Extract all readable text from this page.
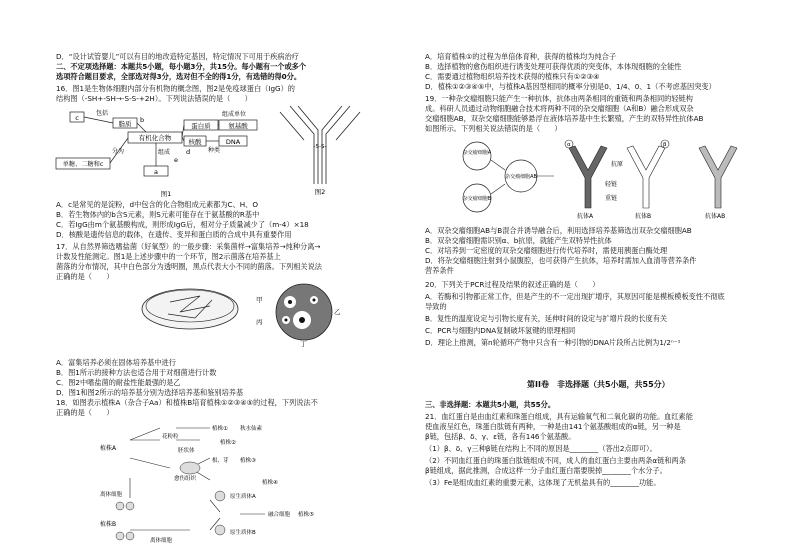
D．“设计试管婴儿”可以有目的地改造特定基因，特定情况下可用于疾病治疗
二、不定项选择题：本题共5小题，每小题3分，共15分。每小题有一个或多个
选项符合题目要求，全部选对得3分，选对但不全的得1分，有选错的得0分。
16．图1是生物体细胞内部分有机物的概念图，图2是免疫球蛋白（IgG）的
结构图（-SH+-SH→-S-S-+2H）。下列说法错误的是（　　）
c
包括
脂质
有机化合物
蛋白质	氨基酸
组成单位
核酸	DNA
种类
单糖、二糖和c
分为
a
组成
b
d
e
图1
-S-S-
图2
A．c是常见的是淀粉，d中包含的化合物组成元素都为C、H、O
B．若生物体内的b含S元素，则S元素可能存在于氨基酸的R基中
C．若IgG由m个氨基酸构成，则形成IgG后，相对分子质量减少了（m-4）×18
D．核酸是遗传信息的载体，在遗传、变异和蛋白质的合成中具有重要作用
17．从自然界筛选嗜盐菌（好氧型）的一般步骤：采集菌样→富集培养→纯种分离→
计数及性能测定。图1是上述步骤中的一个环节，图2示菌落在培养基上
菌落的分布情况，其中白色部分为透明圈，黑点代表大小不同的菌落。下列相关说法
正确的是（　　）
甲
丙
乙
丁
A．富集培养必须在固体培养基中进行
B．图1所示的接种方法也适合用于对细菌进行计数
C．图2中嗜盐菌的耐盐性能最强的是乙
D．图1和图2所示的培养基分别为选择培养基和鉴别培养基
18．如图表示植株A（杂合子Aa）和植株B培育植株①②③④⑤的过程，下列说法不
正确的是（　　）
植株A
花粉粒
植株① 秋水仙素
植株②
胚状体
愈伤组织
根、芽 植株③
离体细胞	原生质体A
融合细胞 植株⑤
原生质体B
植株B
离体细胞
植株④
A．培育植株①的过程为单倍体育种，获得的植株均为纯合子
B．选择植物的愈伤组织进行诱变处理可获得优质的突变体，本体现细胞的全能性
C．需要通过植物组织培养技术获得的植株只有①②③④
D．植株①②③④⑤中，与植株A基因型相同的概率分别是0、1/4、0、1（不考虑基因突变）
19．一种杂交瘤细胞只能产生一种抗体，抗体由两条相同的重链和两条相同的轻链构
成。科研人员通过动物细胞融合技术将两种不同的杂交瘤细胞（A和B）融合形成双杂
交瘤细胞AB，双杂交瘤细胞能够悬浮在液体培养基中生长繁殖，产生的双特异性抗体AB
如图所示。下列相关说法错误的是（　　）
α	β
杂交瘤细胞A
杂交瘤细胞B
杂交瘤细胞AB
抗原
轻链
重链
抗体A	抗体B	抗体AB
A．双杂交瘤细胞AB与B混合并诱导融合后，利用选择培养基筛选出双杂交瘤细胞AB
B．双杂交瘤细胞需识别α、b抗原，就能产生双特异性抗体
C．对培养到一定密度的双杂交瘤细胞进行传代培养时，需使用胰蛋白酶处理
D．将杂交瘤细胞注射到小鼠腹腔，也可获得产生抗体，培养时需加入血清等营养条件
营养条件
20．下列关于PCR过程及结果的叙述正确的是（　　）
A．若酶和引物都正常工作，但是产生的不一定出现扩增序，其原因可能是模板模板变性不彻底
导致的
B．复性的温度设定与引物长度有关，延伸时间的设定与扩增片段的长度有关
C．PCR与细胞内DNA复制破坏氢键的原理相同
D．理论上推测，第n轮循环产物中只含有一种引物的DNA片段所占比例为1/2ⁿ⁻¹
第II卷　非选择题（共5小题，共55分）
三、非选择题：本题共5小题，共55分。
21．血红蛋白是由血红素和珠蛋白组成，具有运输氧气和二氧化碳的功能。血红素能
使血液呈红色，珠蛋白肽链有两种，一种是由141个氨基酸组成的α链，另一种是
β链，包括β、δ、γ、ε链，各有146个氨基酸。
（1）β、δ、γ三种β链在结构上不同的原因是________（答出2点即可）。
（2）不同血红蛋白的珠蛋白肽链组成不同，成人的血红蛋白主要由两条α链和两条
β链组成，据此推测，合成这样一分子血红蛋白需要脱掉________个水分子。
（3）Fe是组成血红素的重要元素，这体现了无机盐具有的________功能。
